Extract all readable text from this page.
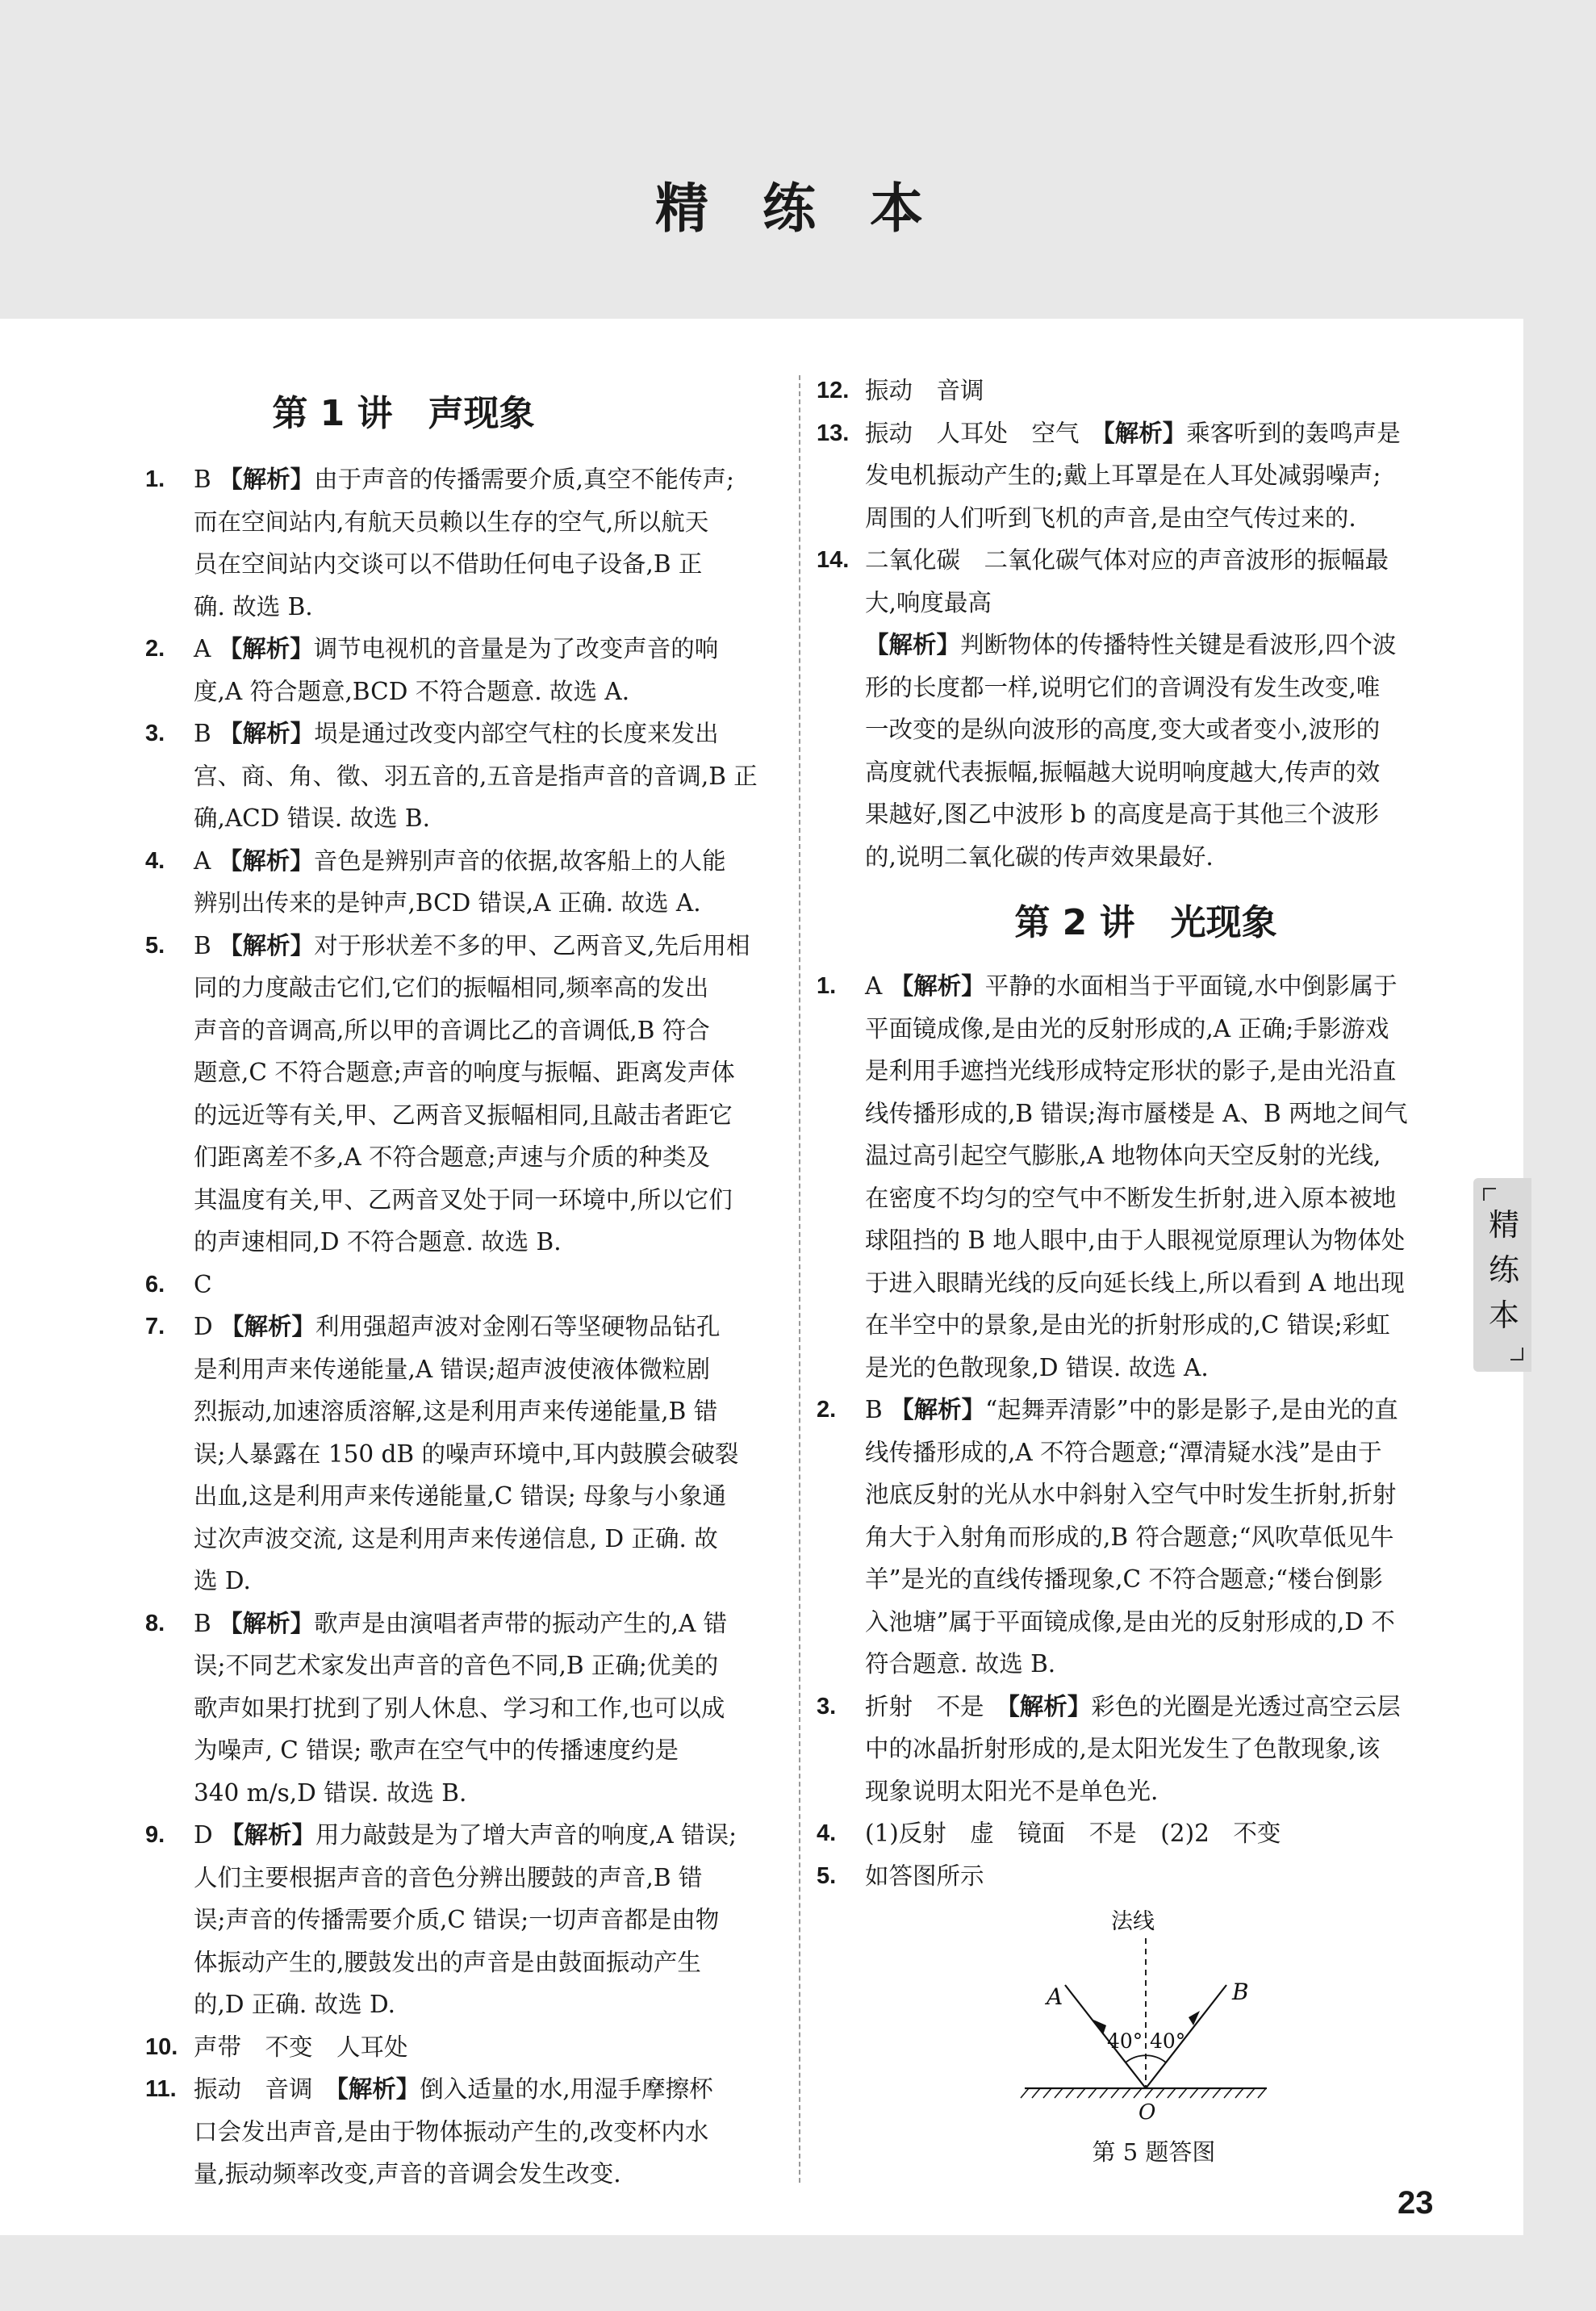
精 练 本
精练本
第 1 讲　声现象
1. B 【解析】由于声音的传播需要介质,真空不能传声;
而在空间站内,有航天员赖以生存的空气,所以航天
员在空间站内交谈可以不借助任何电子设备,B 正
确. 故选 B.
2. A 【解析】调节电视机的音量是为了改变声音的响
度,A 符合题意,BCD 不符合题意. 故选 A.
3. B 【解析】埙是通过改变内部空气柱的长度来发出
宫、商、角、徵、羽五音的,五音是指声音的音调,B 正
确,ACD 错误. 故选 B.
4. A 【解析】音色是辨别声音的依据,故客船上的人能
辨别出传来的是钟声,BCD 错误,A 正确. 故选 A.
5. B 【解析】对于形状差不多的甲、乙两音叉,先后用相
同的力度敲击它们,它们的振幅相同,频率高的发出
声音的音调高,所以甲的音调比乙的音调低,B 符合
题意,C 不符合题意;声音的响度与振幅、距离发声体
的远近等有关,甲、乙两音叉振幅相同,且敲击者距它
们距离差不多,A 不符合题意;声速与介质的种类及
其温度有关,甲、乙两音叉处于同一环境中,所以它们
的声速相同,D 不符合题意. 故选 B.
6. C
7. D 【解析】利用强超声波对金刚石等坚硬物品钻孔
是利用声来传递能量,A 错误;超声波使液体微粒剧
烈振动,加速溶质溶解,这是利用声来传递能量,B 错
误;人暴露在 150 dB 的噪声环境中,耳内鼓膜会破裂
出血,这是利用声来传递能量,C 错误; 母象与小象通
过次声波交流, 这是利用声来传递信息, D 正确. 故
选 D.
8. B 【解析】歌声是由演唱者声带的振动产生的,A 错
误;不同艺术家发出声音的音色不同,B 正确;优美的
歌声如果打扰到了别人休息、学习和工作,也可以成
为噪声, C 错误; 歌声在空气中的传播速度约是
340 m/s,D 错误. 故选 B.
9. D 【解析】用力敲鼓是为了增大声音的响度,A 错误;
人们主要根据声音的音色分辨出腰鼓的声音,B 错
误;声音的传播需要介质,C 错误;一切声音都是由物
体振动产生的,腰鼓发出的声音是由鼓面振动产生
的,D 正确. 故选 D.
10. 声带　不变　人耳处
11. 振动　音调　【解析】倒入适量的水,用湿手摩擦杯
口会发出声音,是由于物体振动产生的,改变杯内水
量,振动频率改变,声音的音调会发生改变.
12. 振动　音调
13. 振动　人耳处　空气　【解析】乘客听到的轰鸣声是
发电机振动产生的;戴上耳罩是在人耳处减弱噪声;
周围的人们听到飞机的声音,是由空气传过来的.
14. 二氧化碳　二氧化碳气体对应的声音波形的振幅最
大,响度最高
【解析】判断物体的传播特性关键是看波形,四个波
形的长度都一样,说明它们的音调没有发生改变,唯
一改变的是纵向波形的高度,变大或者变小,波形的
高度就代表振幅,振幅越大说明响度越大,传声的效
果越好,图乙中波形 b 的高度是高于其他三个波形
的,说明二氧化碳的传声效果最好.
第 2 讲　光现象
1. A 【解析】平静的水面相当于平面镜,水中倒影属于
平面镜成像,是由光的反射形成的,A 正确;手影游戏
是利用手遮挡光线形成特定形状的影子,是由光沿直
线传播形成的,B 错误;海市蜃楼是 A、B 两地之间气
温过高引起空气膨胀,A 地物体向天空反射的光线,
在密度不均匀的空气中不断发生折射,进入原本被地
球阻挡的 B 地人眼中,由于人眼视觉原理认为物体处
于进入眼睛光线的反向延长线上,所以看到 A 地出现
在半空中的景象,是由光的折射形成的,C 错误;彩虹
是光的色散现象,D 错误. 故选 A.
2. B 【解析】“起舞弄清影”中的影是影子,是由光的直
线传播形成的,A 不符合题意;“潭清疑水浅”是由于
池底反射的光从水中斜射入空气中时发生折射,折射
角大于入射角而形成的,B 符合题意;“风吹草低见牛
羊”是光的直线传播现象,C 不符合题意;“楼台倒影
入池塘”属于平面镜成像,是由光的反射形成的,D 不
符合题意. 故选 B.
3. 折射　不是　【解析】彩色的光圈是光透过高空云层
中的冰晶折射形成的,是太阳光发生了色散现象,该
现象说明太阳光不是单色光.
4. (1)反射　虚　镜面　不是　(2)2　不变
5. 如答图所示
法线
40° 40°
A	B
O
第 5 题答图
23
